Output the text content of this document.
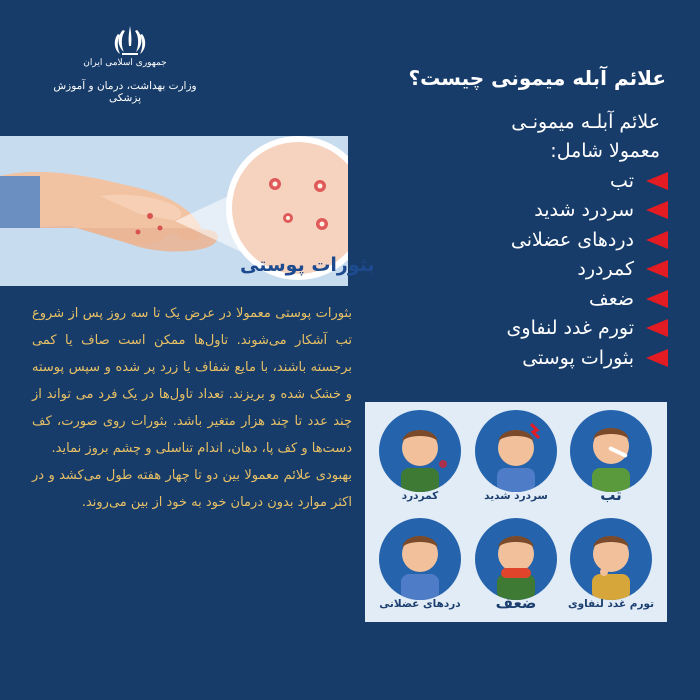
جمهوری اسلامی ایران
وزارت بهداشت، درمان و آموزش پزشکی
علائم آبله میمونی چیست؟
علائم آبلـه میمونـی معمولا شامل:
تب
سردرد شدید
دردهای عضلانی
کمردرد
ضعف
تورم غدد لنفاوی
بثورات پوستی
بثورات پوستی

بثورات پوستی معمولا در عرض یک تا سه روز پس از شروع تب آشکار می‌شوند. تاول‌ها ممکن است صاف یا کمی برجسته باشند، با مایع شفاف یا زرد پر شده و سپس پوسته و خشک شده و بریزند. تعداد تاول‌ها در یک فرد می تواند از چند عدد تا چند هزار متغیر باشد. بثورات روی صورت، کف دست‌ها و کف پا، دهان، اندام تناسلی و چشم بروز نماید.

بهبودی علائم معمولا بین دو تا چهار هفته طول می‌کشد و در اکثر موارد بدون درمان خود به خود از بین می‌روند.	تب
سردرد شدید
کمردرد
تورم غدد لنفاوی
ضعف
دردهای عضلانی
